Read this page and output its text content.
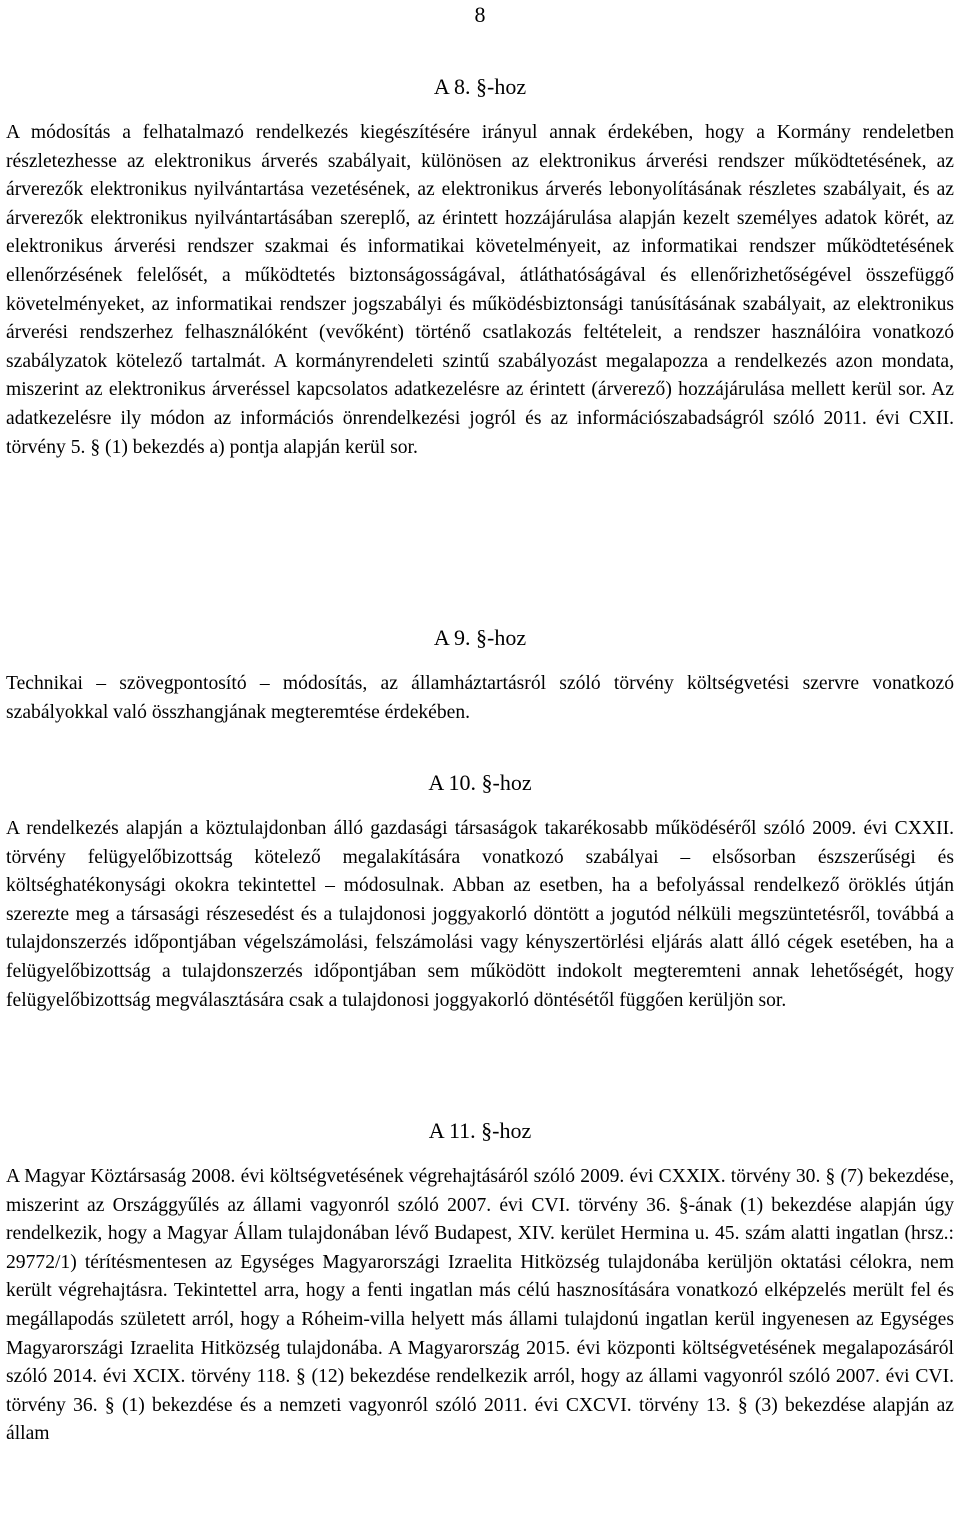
8
A 8. §-hoz
A módosítás a felhatalmazó rendelkezés kiegészítésére irányul annak érdekében, hogy a Kormány rendeletben részletezhesse az elektronikus árverés szabályait, különösen az elektronikus árverési rendszer működtetésének, az árverezők elektronikus nyilvántartása vezetésének, az elektronikus árverés lebonyolításának részletes szabályait, és az árverezők elektronikus nyilvántartásában szereplő, az érintett hozzájárulása alapján kezelt személyes adatok körét, az elektronikus árverési rendszer szakmai és informatikai követelményeit, az informatikai rendszer működtetésének ellenőrzésének felelősét, a működtetés biztonságosságával, átláthatóságával és ellenőrizhetőségével összefüggő követelményeket, az informatikai rendszer jogszabályi és működésbiztonsági tanúsításának szabályait, az elektronikus árverési rendszerhez felhasználóként (vevőként) történő csatlakozás feltételeit, a rendszer használóira vonatkozó szabályzatok kötelező tartalmát. A kormányrendeleti szintű szabályozást megalapozza a rendelkezés azon mondata, miszerint az elektronikus árveréssel kapcsolatos adatkezelésre az érintett (árverező) hozzájárulása mellett kerül sor. Az adatkezelésre ily módon az információs önrendelkezési jogról és az információszabadságról szóló 2011. évi CXII. törvény 5. § (1) bekezdés a) pontja alapján kerül sor.
A 9. §-hoz
Technikai – szövegpontosító – módosítás, az államháztartásról szóló törvény költségvetési szervre vonatkozó szabályokkal való összhangjának megteremtése érdekében.
A 10. §-hoz
A rendelkezés alapján a köztulajdonban álló gazdasági társaságok takarékosabb működéséről szóló 2009. évi CXXII. törvény felügyelőbizottság kötelező megalakítására vonatkozó szabályai – elsősorban észszerűségi és költséghatékonysági okokra tekintettel – módosulnak. Abban az esetben, ha a befolyással rendelkező öröklés útján szerezte meg a társasági részesedést és a tulajdonosi joggyakorló döntött a jogutód nélküli megszüntetésről, továbbá a tulajdonszerzés időpontjában végelszámolási, felszámolási vagy kényszertörlési eljárás alatt álló cégek esetében, ha a felügyelőbizottság a tulajdonszerzés időpontjában sem működött indokolt megteremteni annak lehetőségét, hogy felügyelőbizottság megválasztására csak a tulajdonosi joggyakorló döntésétől függően kerüljön sor.
A 11. §-hoz
A Magyar Köztársaság 2008. évi költségvetésének végrehajtásáról szóló 2009. évi CXXIX. törvény 30. § (7) bekezdése, miszerint az Országgyűlés az állami vagyonról szóló 2007. évi CVI. törvény 36. §-ának (1) bekezdése alapján úgy rendelkezik, hogy a Magyar Állam tulajdonában lévő Budapest, XIV. kerület Hermina u. 45. szám alatti ingatlan (hrsz.: 29772/1) térítésmentesen az Egységes Magyarországi Izraelita Hitközség tulajdonába kerüljön oktatási célokra, nem került végrehajtásra. Tekintettel arra, hogy a fenti ingatlan más célú hasznosítására vonatkozó elképzelés merült fel és megállapodás született arról, hogy a Róheim-villa helyett más állami tulajdonú ingatlan kerül ingyenesen az Egységes Magyarországi Izraelita Hitközség tulajdonába. A Magyarország 2015. évi központi költségvetésének megalapozásáról szóló 2014. évi XCIX. törvény 118. § (12) bekezdése rendelkezik arról, hogy az állami vagyonról szóló 2007. évi CVI. törvény 36. § (1) bekezdése és a nemzeti vagyonról szóló 2011. évi CXCVI. törvény 13. § (3) bekezdése alapján az állam
